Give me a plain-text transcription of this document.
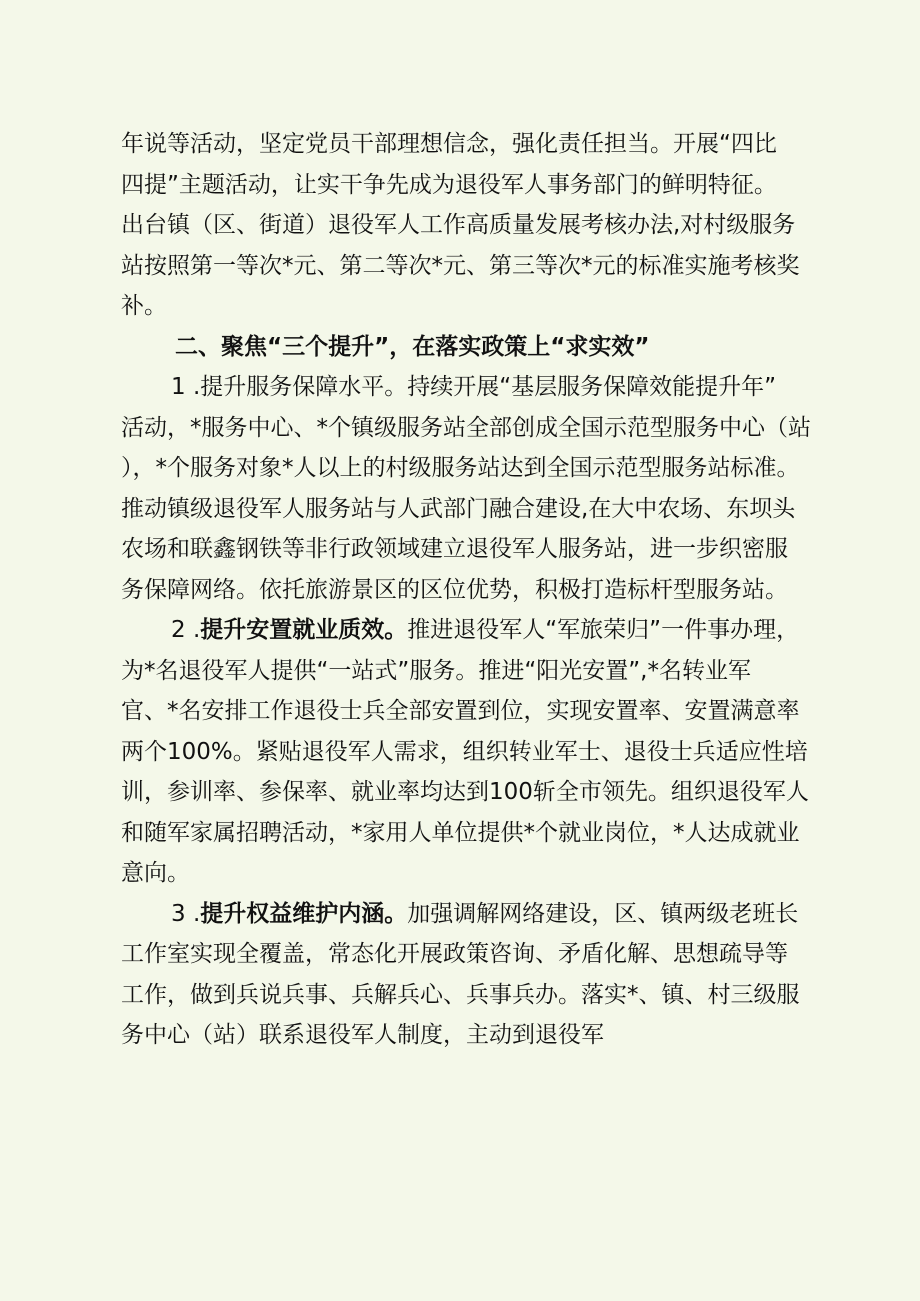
年说等活动，坚定党员干部理想信念，强化责任担当。开展“四比
四提”主题活动，让实干争先成为退役军人事务部门的鲜明特征。
出台镇（区、街道）退役军人工作高质量发展考核办法,对村级服务
站按照第一等次*元、第二等次*元、第三等次*元的标准实施考核奖
补。
二、聚焦“三个提升”，在落实政策上“求实效”
1 .提升服务保障水平。持续开展“基层服务保障效能提升年”
活动，*服务中心、*个镇级服务站全部创成全国示范型服务中心（站
），*个服务对象*人以上的村级服务站达到全国示范型服务站标准。
推动镇级退役军人服务站与人武部门融合建设,在大中农场、东坝头
农场和联鑫钢铁等非行政领域建立退役军人服务站，进一步织密服
务保障网络。依托旅游景区的区位优势，积极打造标杆型服务站。
2 .提升安置就业质效。推进退役军人“军旅荣归”一件事办理，
为*名退役军人提供“一站式”服务。推进“阳光安置”,*名转业军
官、*名安排工作退役士兵全部安置到位，实现安置率、安置满意率
两个100%。紧贴退役军人需求，组织转业军士、退役士兵适应性培
训，参训率、参保率、就业率均达到100斩全市领先。组织退役军人
和随军家属招聘活动，*家用人单位提供*个就业岗位，*人达成就业
意向。
3 .提升权益维护内涵。加强调解网络建设，区、镇两级老班长
工作室实现全覆盖，常态化开展政策咨询、矛盾化解、思想疏导等
工作，做到兵说兵事、兵解兵心、兵事兵办。落实*、镇、村三级服
务中心（站）联系退役军人制度，主动到退役军
